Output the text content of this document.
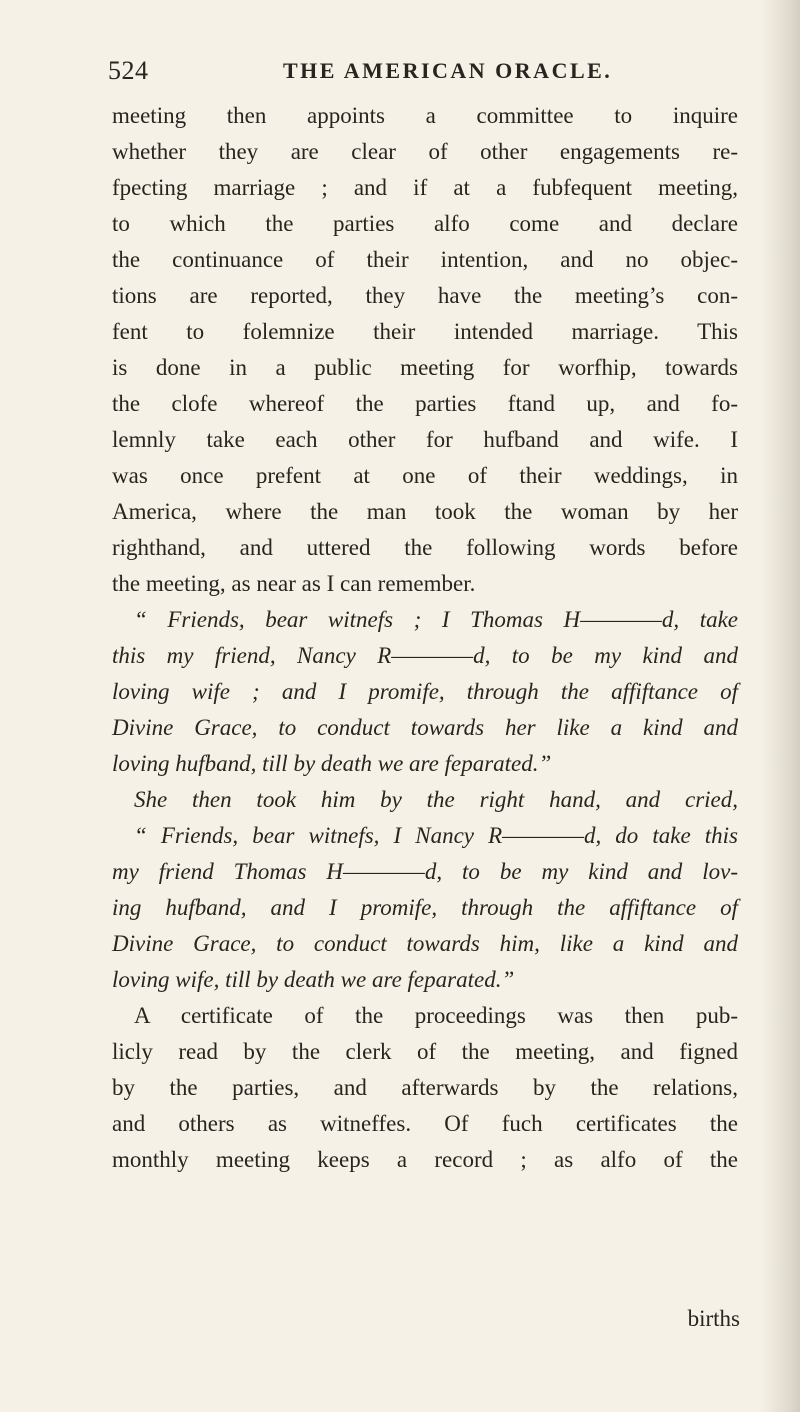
524	THE AMERICAN ORACLE.
meeting then appoints a committee to inquire
whether they are clear of other engagements re-
fpecting marriage ; and if at a fubfequent meeting,
to which the parties alfo come and declare
the continuance of their intention, and no objec-
tions are reported, they have the meeting’s con-
fent to folemnize their intended marriage. This
is done in a public meeting for worfhip, towards
the clofe whereof the parties ftand up, and fo-
lemnly take each other for hufband and wife. I
was once prefent at one of their weddings, in
America, where the man took the woman by her
righthand, and uttered the following words before
the meeting, as near as I can remember.
“ Friends, bear witnefs ; I Thomas H————d, take
this my friend, Nancy R————d, to be my kind and
loving wife ; and I promife, through the affiftance of
Divine Grace, to conduct towards her like a kind and
loving hufband, till by death we are feparated.”
She then took him by the right hand, and cried,
“ Friends, bear witnefs, I Nancy R————d, do take this
my friend Thomas H————d, to be my kind and lov-
ing hufband, and I promife, through the affiftance of
Divine Grace, to conduct towards him, like a kind and
loving wife, till by death we are feparated.”
A certificate of the proceedings was then pub-
licly read by the clerk of the meeting, and figned
by the parties, and afterwards by the relations,
and others as witneffes. Of fuch certificates the
monthly meeting keeps a record ; as alfo of the
births
